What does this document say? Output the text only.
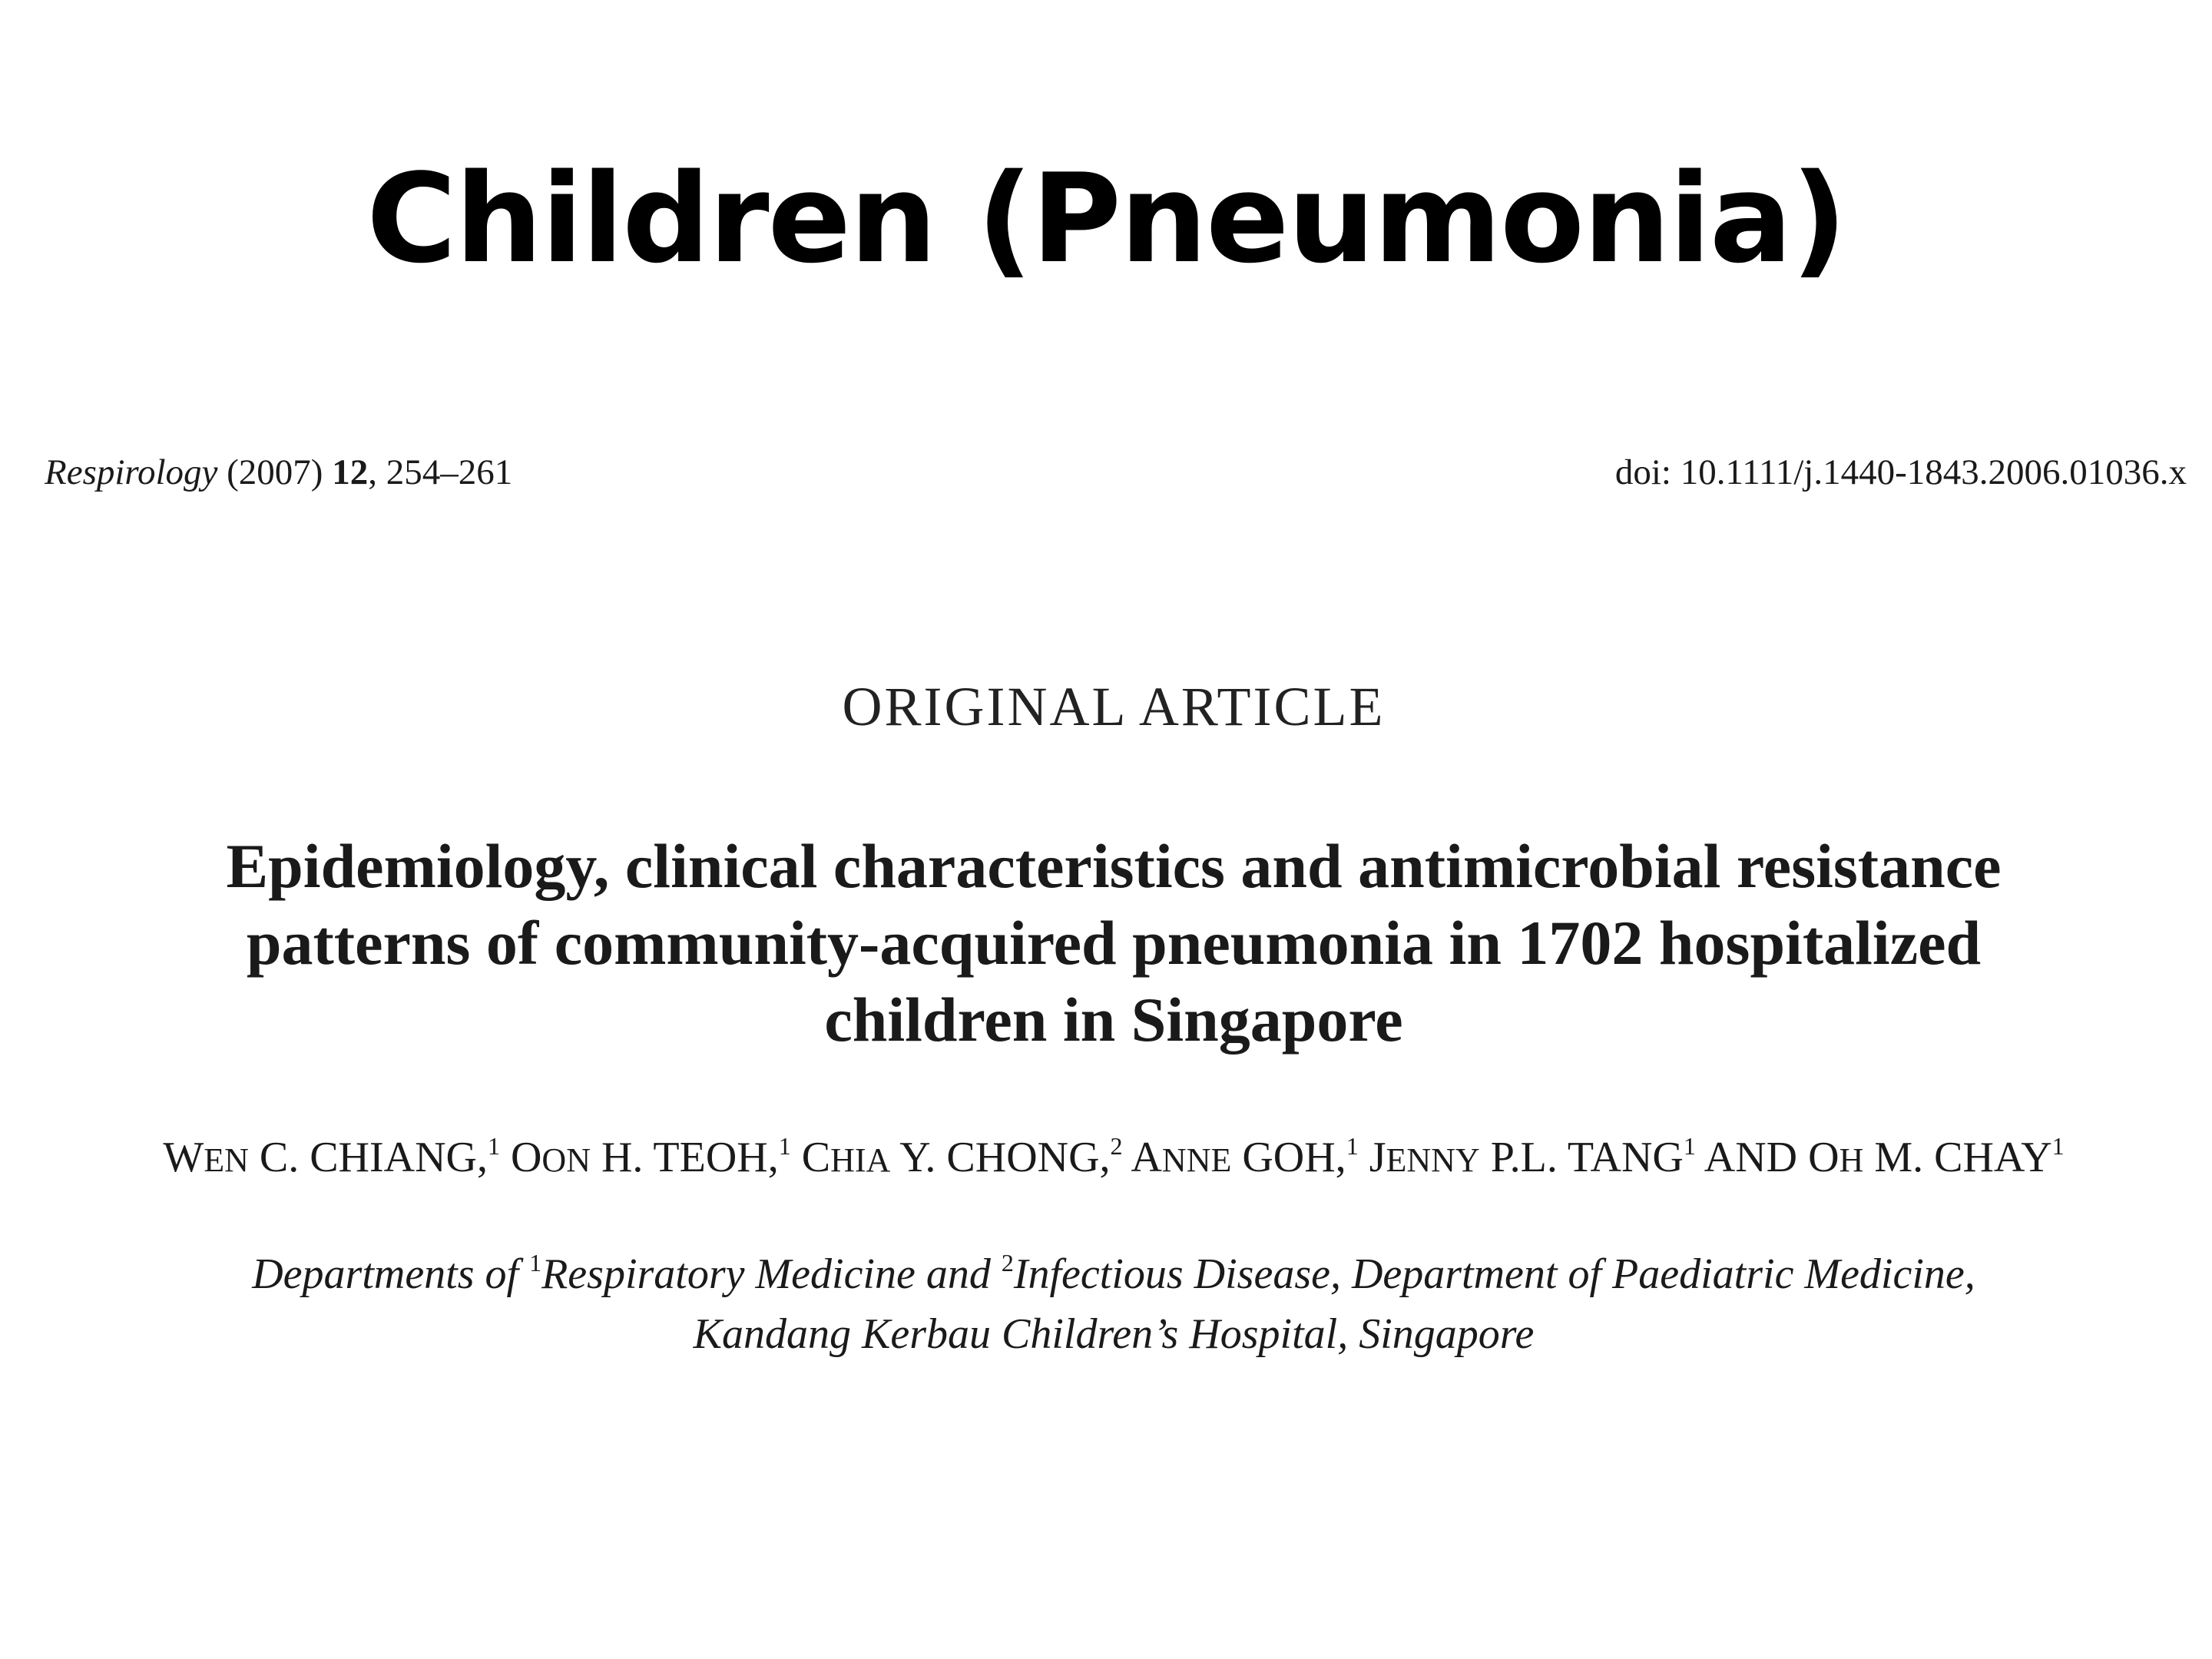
Children (Pneumonia)
Respirology (2007) 12, 254–261	doi: 10.1111/j.1440-1843.2006.01036.x
ORIGINAL ARTICLE
Epidemiology, clinical characteristics and antimicrobial resistance
patterns of community-acquired pneumonia in 1702 hospitalized
children in Singapore
WEN C. CHIANG,$^1$ OON H. TEOH,$^1$ CHIA Y. CHONG,$^2$ ANNE GOH,$^1$ JENNY P.L. TANG$^1$ AND OH M. CHAY$^1$
Departments of $^1$Respiratory Medicine and $^2$Infectious Disease, Department of Paediatric Medicine,
Kandang Kerbau Children’s Hospital, Singapore
